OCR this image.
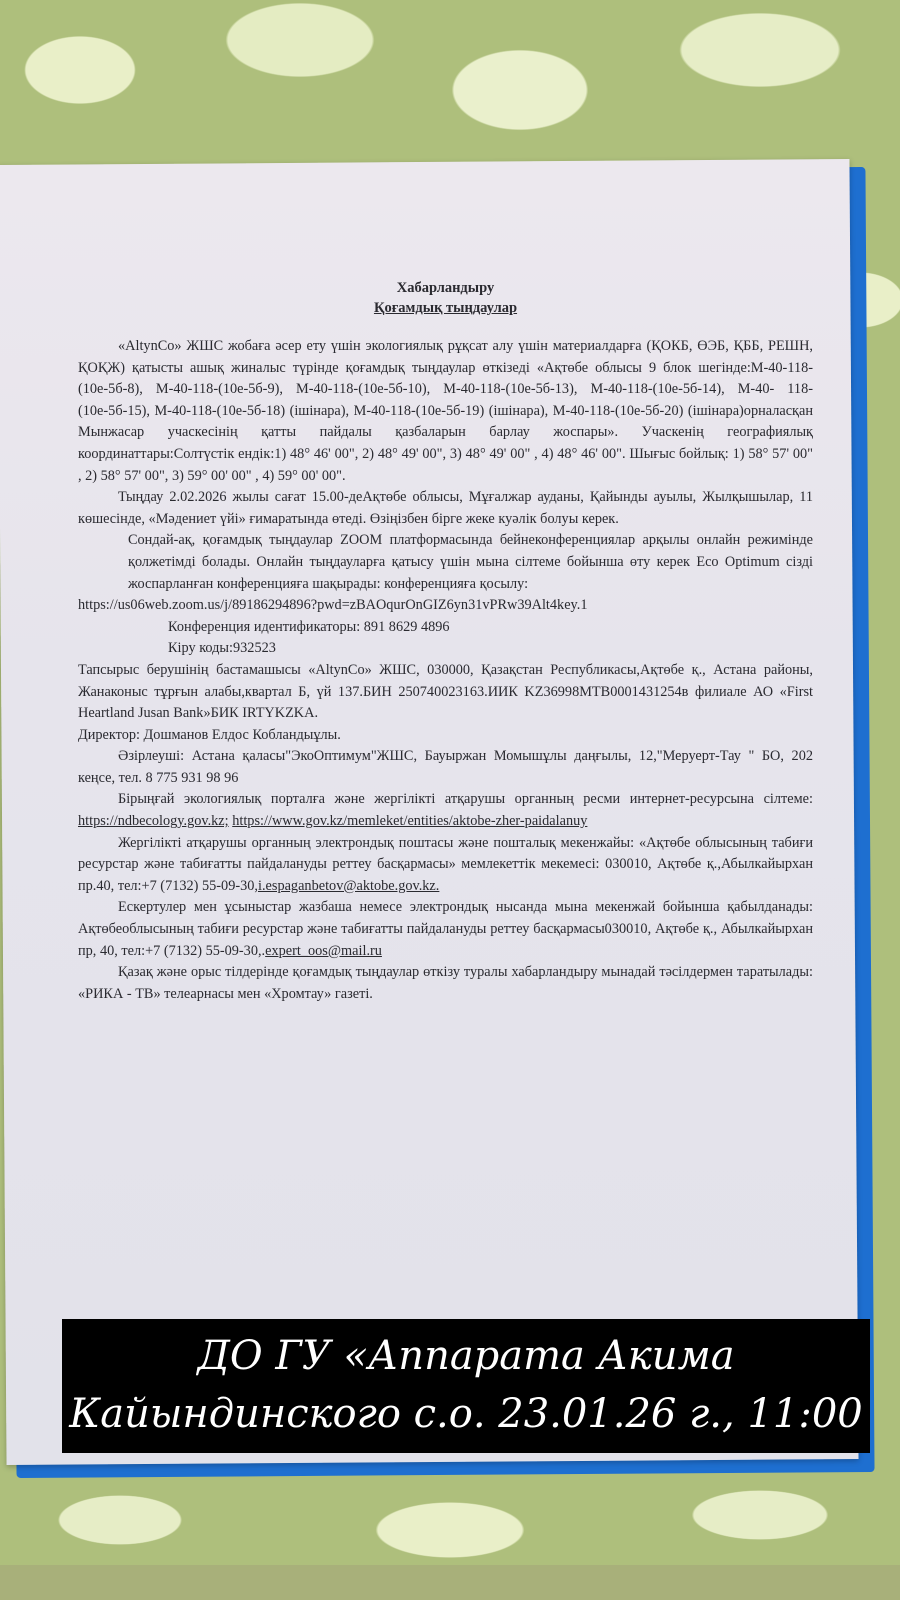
Хабарландыру

Қоғамдық тыңдаулар

«AltynCo» ЖШС жобаға әсер ету үшін экологиялық рұқсат алу үшін материалдарға (ҚОКБ, ӨЭБ, ҚББ, РЕШН, ҚОҚЖ) қатысты ашық жиналыс түрінде қоғамдық тыңдаулар өткізеді «Ақтөбе облысы 9 блок шегінде:М-40-118-(10е-5б-8), М-40-118-(10е-5б-9), М-40-118-(10е-5б-10), М-40-118-(10е-5б-13), М-40-118-(10е-5б-14), М-40- 118-(10е-5б-15), М-40-118-(10е-5б-18) (ішінара), М-40-118-(10е-5б-19) (ішінара), М-40-118-(10е-5б-20) (ішінара)орналасқан Мынжасар учаскесінің қатты пайдалы қазбаларын барлау жоспары». Учаскенің географиялық координаттары:Солтүстік ендік:1) 48° 46' 00", 2) 48° 49' 00", 3) 48° 49' 00" , 4) 48° 46' 00". Шығыс бойлық: 1) 58° 57' 00" , 2) 58° 57' 00", 3) 59° 00' 00" , 4) 59° 00' 00".

Тыңдау 2.02.2026 жылы сағат 15.00-деАқтөбе облысы, Мұғалжар ауданы, Қайынды ауылы, Жылқышылар, 11 көшесінде, «Мәдениет үйі» ғимаратында өтеді. Өзіңізбен бірге жеке куәлік болуы керек.

Сондай-ақ, қоғамдық тыңдаулар ZOOM платформасында бейнеконференциялар арқылы онлайн режимінде қолжетімді болады. Онлайн тыңдауларға қатысу үшін мына сілтеме бойынша өту керек Eco Optimum сізді жоспарланған конференцияға шақырады: конференцияға қосылу:

https://us06web.zoom.us/j/89186294896?pwd=zBAOqurOnGIZ6yn31vPRw39Alt4key.1

Конференция идентификаторы: 891 8629 4896

Кіру коды:932523

Тапсырыс берушінің бастамашысы «AltynCo» ЖШС, 030000, Қазақстан Республикасы,Ақтөбе қ., Астана районы, Жанаконыс тұрғын алабы,квартал Б, үй 137.БИН 250740023163.ИИК KZ36998MTB0001431254в филиале АО «First Heartland Jusan Bank»БИК IRTYKZKA.

Директор: Дошманов Елдос Кобландыұлы.

Әзірлеуші: Астана қаласы"ЭкоОптимум"ЖШС, Бауыржан Момышұлы даңғылы, 12,"Меруерт-Тау " БО, 202 кеңсе, тел. 8 775 931 98 96

Бірыңғай экологиялық порталға және жергілікті атқарушы органның ресми интернет-ресурсына сілтеме: https://ndbecology.gov.kz; https://www.gov.kz/memleket/entities/aktobe-zher-paidalanuy

Жергілікті атқарушы органның электрондық поштасы және пошталық мекенжайы: «Ақтөбе облысының табиғи ресурстар және табиғатты пайдалануды реттеу басқармасы» мемлекеттік мекемесі: 030010, Ақтөбе қ.,Абылкайырхан пр.40, тел:+7 (7132) 55-09-30,i.espaganbetov@aktobe.gov.kz.

Ескертулер мен ұсыныстар жазбаша немесе электрондық нысанда мына мекенжай бойынша қабылданады: Ақтөбеоблысының табиғи ресурстар және табиғатты пайдалануды реттеу басқармасы030010, Ақтөбе қ., Абылкайырхан пр, 40, тел:+7 (7132) 55-09-30,.expert_oos@mail.ru

Қазақ және орыс тілдерінде қоғамдық тыңдаулар өткізу туралы хабарландыру мынадай тәсілдермен таратылады: «РИКА - ТВ» телеарнасы мен «Хромтау» газеті.

ДО ГУ «Аппарата Акима
Кайындинского с.о. 23.01.26 г., 11:00
